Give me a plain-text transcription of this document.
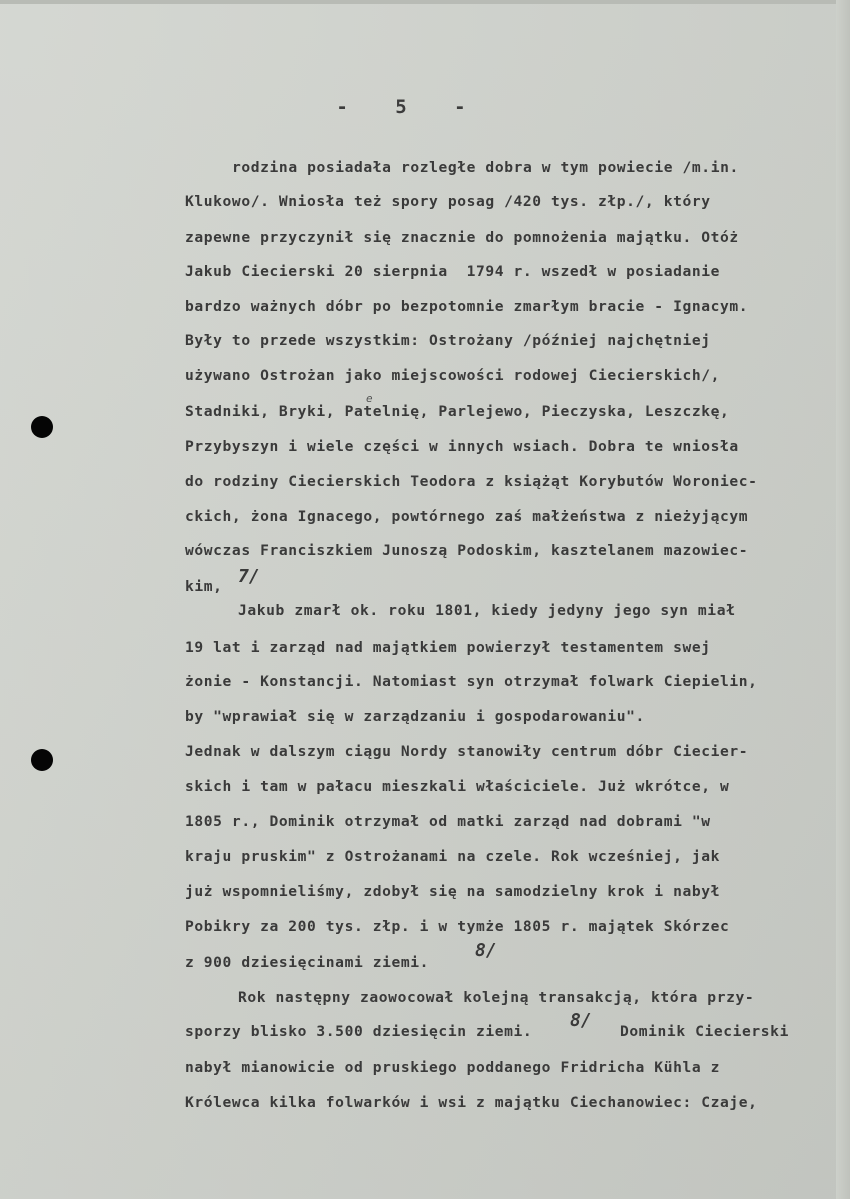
- 5 -
rodzina posiadała rozległe dobra w tym powiecie /m.in.
Klukowo/. Wniosła też spory posag /420 tys. złp./, który
zapewne przyczynił się znacznie do pomnożenia majątku. Otóż
Jakub Ciecierski 20 sierpnia  1794 r. wszedł w posiadanie
bardzo ważnych dóbr po bezpotomnie zmarłym bracie - Ignacym.
Były to przede wszystkim: Ostrożany /później najchętniej
używano Ostrożan jako miejscowości rodowej Ciecierskich/,
e
Stadniki, Bryki, Patelnię, Parlejewo, Pieczyska, Leszczkę,
Przybyszyn i wiele części w innych wsiach. Dobra te wniosła
do rodziny Ciecierskich Teodora z książąt Korybutów Woroniec-
ckich, żona Ignacego, powtórnego zaś małżeństwa z nieżyjącym
wówczas Franciszkiem Junoszą Podoskim, kasztelanem mazowiec-
kim, 7/
Jakub zmarł ok. roku 1801, kiedy jedyny jego syn miał
19 lat i zarząd nad majątkiem powierzył testamentem swej
żonie - Konstancji. Natomiast syn otrzymał folwark Ciepielin,
by "wprawiał się w zarządzaniu i gospodarowaniu".
Jednak w dalszym ciągu Nordy stanowiły centrum dóbr Ciecier-
skich i tam w pałacu mieszkali właściciele. Już wkrótce, w
1805 r., Dominik otrzymał od matki zarząd nad dobrami "w
kraju pruskim" z Ostrożanami na czele. Rok wcześniej, jak
już wspomnieliśmy, zdobył się na samodzielny krok i nabył
Pobikry za 200 tys. złp. i w tymże 1805 r. majątek Skórzec
z 900 dziesięcinami ziemi.
8/
Rok następny zaowocował kolejną transakcją, która przy-
sporzy blisko 3.500 dziesięcin ziemi.
8/
Dominik Ciecierski
nabył mianowicie od pruskiego poddanego Fridricha Kühla z
Królewca kilka folwarków i wsi z majątku Ciechanowiec: Czaje,
